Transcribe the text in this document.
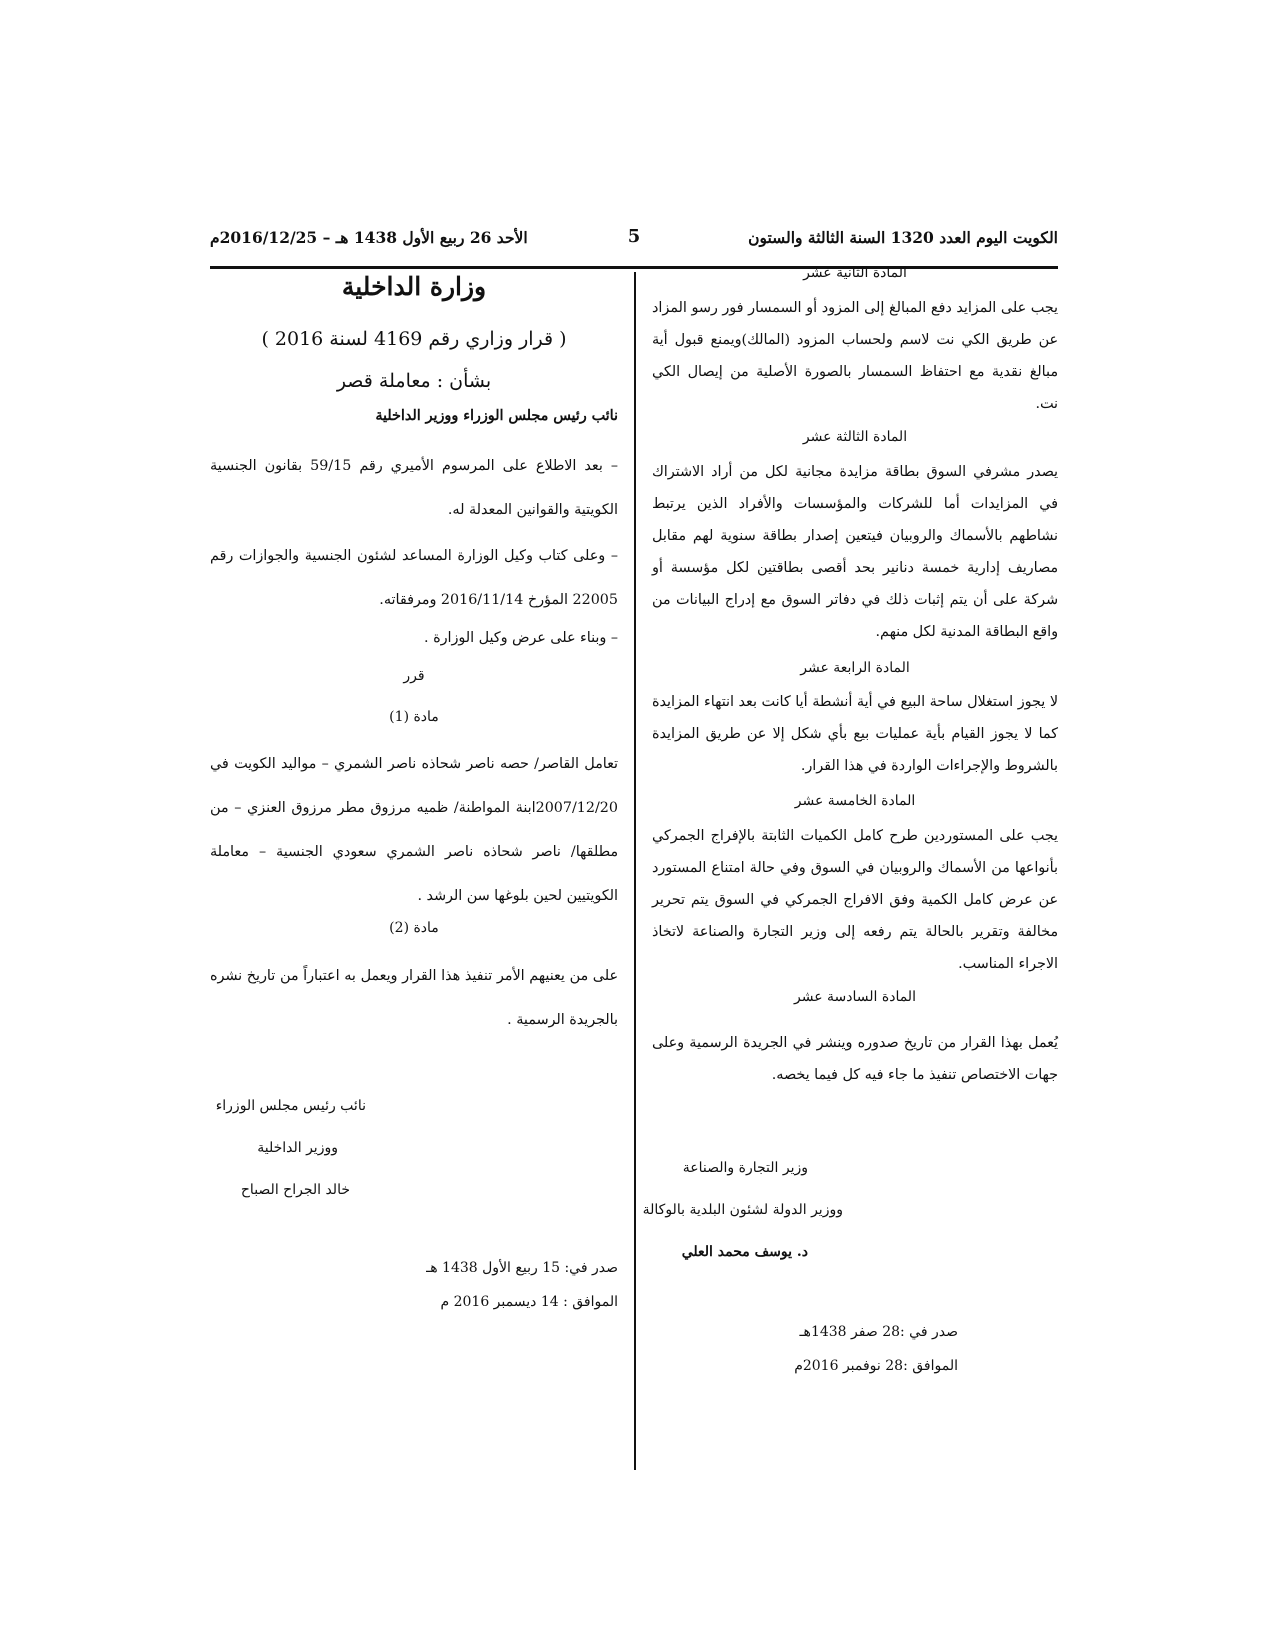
الكويت اليوم العدد 1320 السنة الثالثة والستون
5
الأحد 26 ربيع الأول 1438 هـ – 2016/12/25م
المادة الثانية عشر
يجب على المزايد دفع المبالغ إلى المزود أو السمسار فور رسو المزاد عن طريق الكي نت لاسم ولحساب المزود (المالك)ويمنع قبول أية مبالغ نقدية مع احتفاظ السمسار بالصورة الأصلية من إيصال الكي نت.
المادة الثالثة عشر
يصدر مشرفي السوق بطاقة مزايدة مجانية لكل من أراد الاشتراك في المزايدات أما للشركات والمؤسسات والأفراد الذين يرتبط نشاطهم بالأسماك والروبيان فيتعين إصدار بطاقة سنوية لهم مقابل مصاريف إدارية خمسة دنانير بحد أقصى بطاقتين لكل مؤسسة أو شركة على أن يتم إثبات ذلك في دفاتر السوق مع إدراج البيانات من واقع البطاقة المدنية لكل منهم.
المادة الرابعة عشر
لا يجوز استغلال ساحة البيع في أية أنشطة أيا كانت بعد انتهاء المزايدة كما لا يجوز القيام بأية عمليات بيع بأي شكل إلا عن طريق المزايدة بالشروط والإجراءات الواردة في هذا القرار.
المادة الخامسة عشر
يجب على المستوردين طرح كامل الكميات الثابتة بالإفراج الجمركي بأنواعها من الأسماك والروبيان في السوق وفي حالة امتناع المستورد عن عرض كامل الكمية وفق الافراج الجمركي في السوق يتم تحرير مخالفة وتقرير بالحالة يتم رفعه إلى وزير التجارة والصناعة لاتخاذ الاجراء المناسب.
المادة السادسة عشر
يُعمل بهذا القرار من تاريخ صدوره وينشر في الجريدة الرسمية وعلى جهات الاختصاص تنفيذ ما جاء فيه كل فيما يخصه.
وزير التجارة والصناعة
ووزير الدولة لشئون البلدية بالوكالة
د. يوسف محمد العلي
صدر في :28 صفر 1438هـ
الموافق :28 نوفمبر 2016م
وزارة الداخلية
( قرار وزاري رقم 4169 لسنة 2016 )
بشأن : معاملة قصر
نائب رئيس مجلس الوزراء ووزير الداخلية
– بعد الاطلاع على المرسوم الأميري رقم 59/15 بقانون الجنسية الكويتية والقوانين المعدلة له.
– وعلى كتاب وكيل الوزارة المساعد لشئون الجنسية والجوازات رقم 22005 المؤرخ 2016/11/14 ومرفقاته.
– وبناء على عرض وكيل الوزارة .
قرر
مادة (1)
تعامل القاصر/ حصه ناصر شحاذه ناصر الشمري – مواليد الكويت في 2007/12/20ابنة المواطنة/ ظميه مرزوق مطر مرزوق العنزي – من مطلقها/ ناصر شحاذه ناصر الشمري سعودي الجنسية – معاملة الكويتيين لحين بلوغها سن الرشد .
مادة (2)
على من يعنيهم الأمر تنفيذ هذا القرار ويعمل به اعتباراً من تاريخ نشره بالجريدة الرسمية .
نائب رئيس مجلس الوزراء
ووزير الداخلية
خالد الجراح الصباح
صدر في: 15 ربيع الأول 1438 هـ
الموافق : 14 ديسمبر 2016 م
